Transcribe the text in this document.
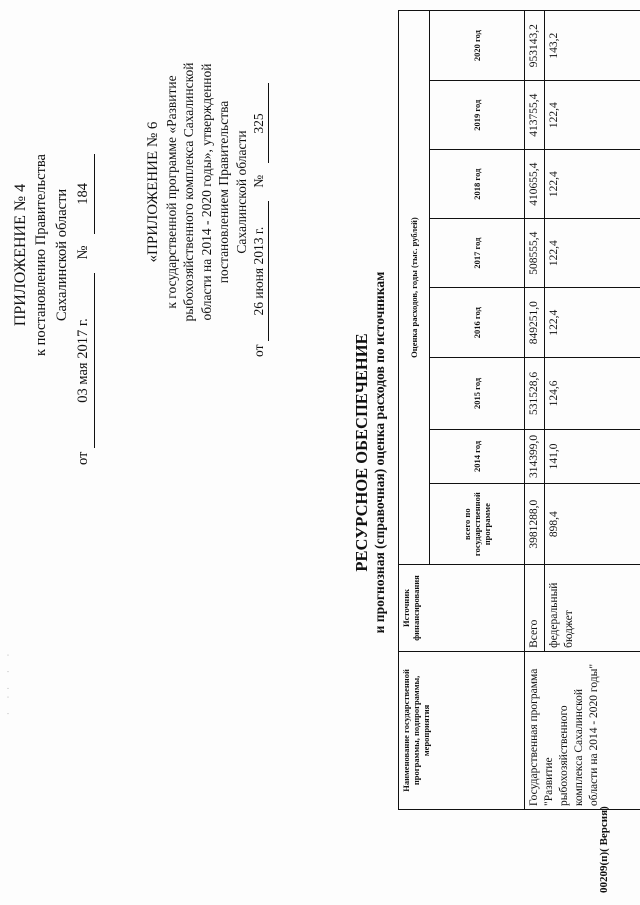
· ·· · ·
ПРИЛОЖЕНИЕ № 4 к постановлению Правительства Сахалинской области
от 03 мая 2017 г. № 184	«ПРИЛОЖЕНИЕ № 6 к государственной программе «Развитие рыбохозяйственного комплекса Сахалинской области на 2014 - 2020 годы», утвержденной постановлением Правительства Сахалинской области
от 26 июня 2013 г. № 325
РЕСУРСНОЕ ОБЕСПЕЧЕНИЕ и прогнозная (справочная) оценка расходов по источникам
Наименование государственной программы, подпрограммы, мероприятия	Источник финансирования	Оценка расходов, годы (тыс. рублей)							
		всего по государственной программе	2014 год	2015 год	2016 год	2017 год	2018 год	2019 год	2020 год
Государственная программа "Развитие рыбохозяйственного комплекса Сахалинской области на 2014 - 2020 годы"	Всего	3981288,0	314399,0	531528,6	849251,0	508555,4	410655,4	413755,4	953143,2
	федеральный бюджет	898,4	141,0	124,6	122,4	122,4	122,4	122,4	143,2
00209(п)( Версия)
